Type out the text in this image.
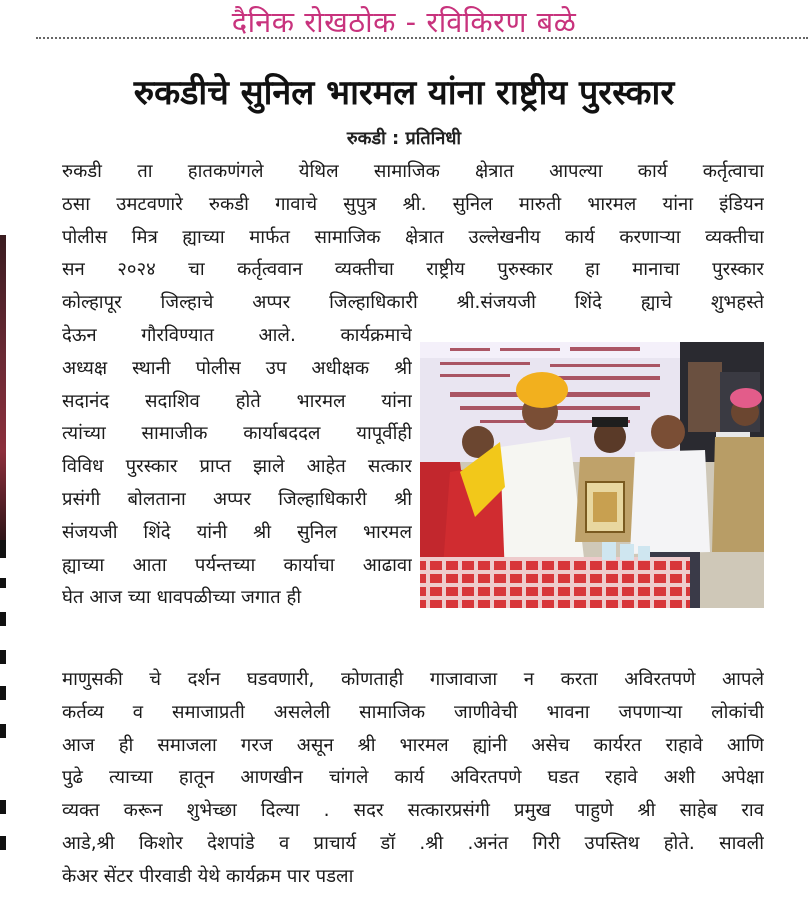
दैनिक रोखठोक - रविकिरण बळे
रुकडीचे सुनिल भारमल यांना राष्ट्रीय पुरस्कार
रुकडी : प्रतिनिधी
रुकडी ता हातकणंगले येथिल सामाजिक क्षेत्रात आपल्या कार्य कर्तृत्वाचा
ठसा उमटवणारे रुकडी गावाचे सुपुत्र श्री. सुनिल मारुती भारमल यांना इंडियन
पोलीस मित्र ह्याच्या मार्फत सामाजिक क्षेत्रात उल्लेखनीय कार्य करणाऱ्या व्यक्तीचा
सन २०२४ चा कर्तृत्ववान व्यक्तीचा राष्ट्रीय पुरुस्कार हा मानाचा पुरस्कार
कोल्हापूर जिल्हाचे अप्पर जिल्हाधिकारी श्री.संजयजी शिंदे ह्याचे शुभहस्ते
देऊन गौरविण्यात आले. कार्यक्रमाचे
अध्यक्ष स्थानी पोलीस उप अधीक्षक श्री
सदानंद सदाशिव होते भारमल यांना
त्यांच्या सामाजीक कार्याबददल यापूर्वीही
विविध पुरस्कार प्राप्त झाले आहेत सत्कार
प्रसंगी बोलताना अप्पर जिल्हाधिकारी श्री
संजयजी शिंदे यांनी श्री सुनिल भारमल
ह्याच्या आता पर्यन्तच्या कार्याचा आढावा
घेत आज च्या धावपळीच्या जगात ही
माणुसकी चे दर्शन घडवणारी, कोणताही गाजावाजा न करता अविरतपणे आपले
कर्तव्य व समाजाप्रती असलेली सामाजिक जाणीवेची भावना जपणाऱ्या लोकांची
आज ही समाजला गरज असून श्री भारमल ह्यांनी असेच कार्यरत राहावे आणि
पुढे त्याच्या हातून आणखीन चांगले कार्य अविरतपणे घडत रहावे अशी अपेक्षा
व्यक्त करून शुभेच्छा दिल्या . सदर सत्कारप्रसंगी प्रमुख पाहुणे श्री साहेब राव
आडे,श्री किशोर देशपांडे व प्राचार्य डॉ .श्री .अनंत गिरी उपस्तिथ होते. सावली
केअर सेंटर पीरवाडी येथे कार्यक्रम पार पडला
